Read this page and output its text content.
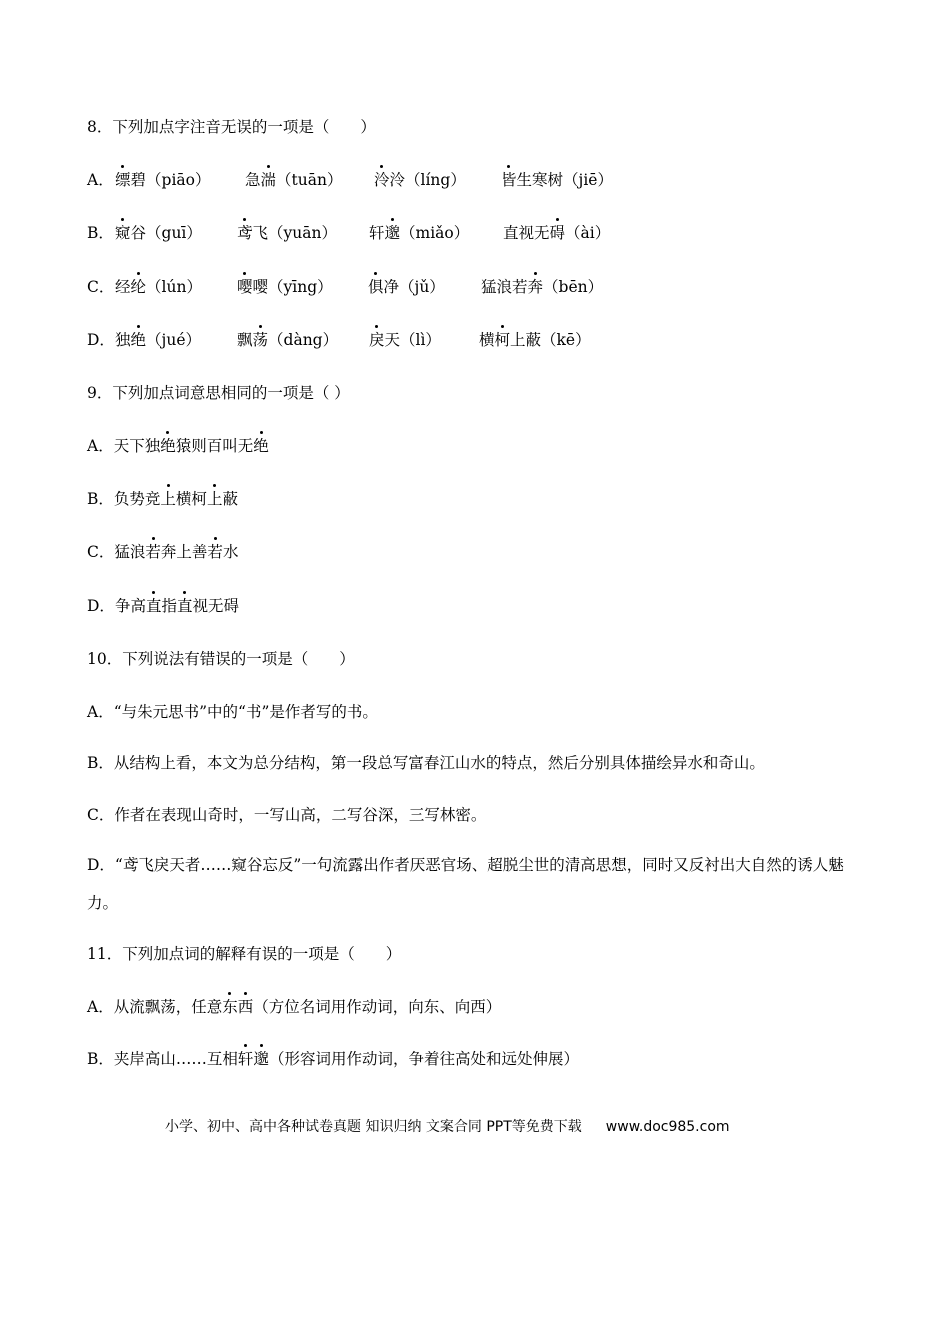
8．下列加点字注音无误的一项是（　　）
A． 缥碧（piāo） 急湍（tuān） 泠泠（líng） 皆生寒树（jiē）
B． 窥谷（guī） 鸢飞（yuān） 轩邈（miǎo） 直视无碍（ài）
C． 经纶（lún） 嘤嘤（yīng） 俱净（jǔ） 猛浪若奔（bēn）
D． 独绝（jué） 飘荡（dàng） 戾天（lì） 横柯上蔽（kē）
9．下列加点词意思相同的一项是（ ）
A．天下独绝猿则百叫无绝
B．负势竞上横柯上蔽
C．猛浪若奔上善若水
D．争高直指直视无碍
10．下列说法有错误的一项是（　　）
A．“与朱元思书”中的“书”是作者写的书。
B．从结构上看，本文为总分结构，第一段总写富春江山水的特点，然后分别具体描绘异水和奇山。
C．作者在表现山奇时，一写山高，二写谷深，三写林密。
D．“鸢飞戾天者……窥谷忘反”一句流露出作者厌恶官场、超脱尘世的清高思想，同时又反衬出大自然的诱人魅力。
11．下列加点词的解释有误的一项是（　　）
A．从流飘荡，任意东西（方位名词用作动词，向东、向西）
B．夹岸高山……互相轩邈（形容词用作动词，争着往高处和远处伸展）
小学、初中、高中各种试卷真题 知识归纳 文案合同 PPT等免费下载 www.doc985.com
